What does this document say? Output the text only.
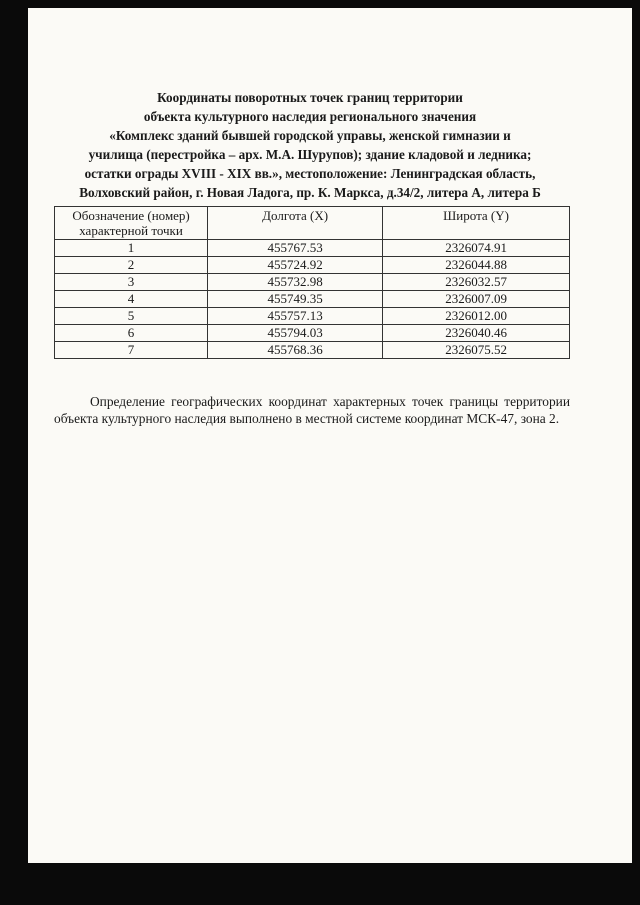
Координаты поворотных точек границ территории
объекта культурного наследия регионального значения
«Комплекс зданий бывшей городской управы, женской гимназии и
училища (перестройка – арх. М.А. Шурупов); здание кладовой и ледника;
остатки ограды XVIII - XIX вв.», местоположение: Ленинградская область,
Волховский район, г. Новая Ладога, пр. К. Маркса, д.34/2, литера А, литера Б
Обозначение (номер) характерной точки	Долгота (X)	Широта (Y)
1	455767.53	2326074.91
2	455724.92	2326044.88
3	455732.98	2326032.57
4	455749.35	2326007.09
5	455757.13	2326012.00
6	455794.03	2326040.46
7	455768.36	2326075.52

Определение географических координат характерных точек границы территории объекта культурного наследия выполнено в местной системе координат МСК-47, зона 2.
